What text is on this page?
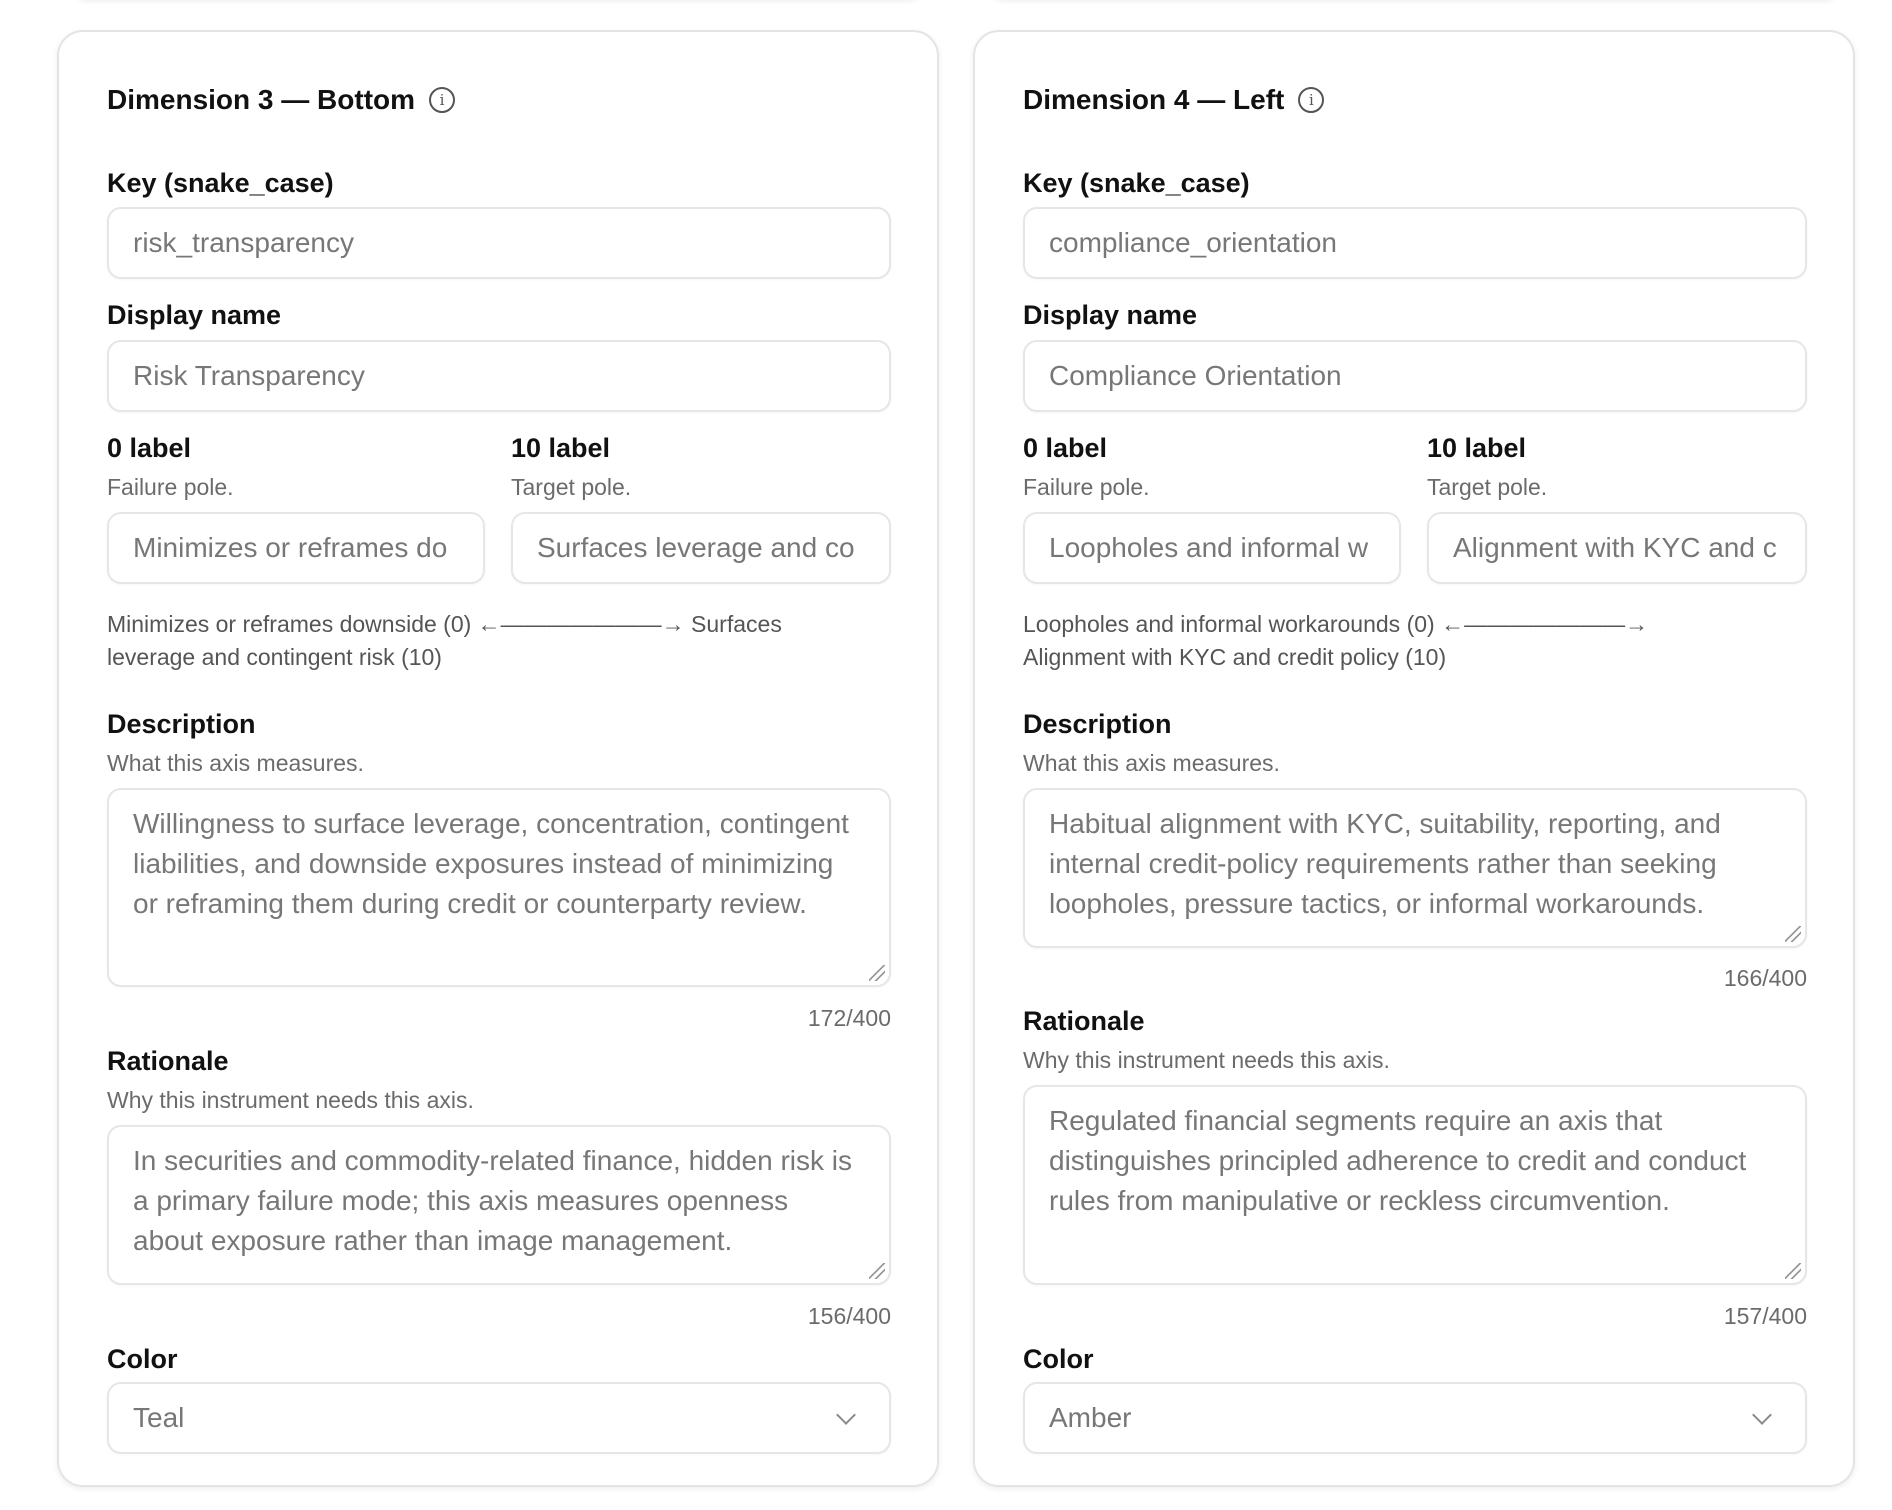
Dimension 3 — Bottom	i
Key (snake_case)
risk_transparency
Display name
Risk Transparency
0 label
Failure pole.
Minimizes or reframes do
10 label
Target pole.
Surfaces leverage and co
Minimizes or reframes downside (0) ←———————→ Surfaces
leverage and contingent risk (10)
Description
What this axis measures.
Willingness to surface leverage, concentration, contingent liabilities, and downside exposures instead of minimizing or reframing them during credit or counterparty review.
172/400
Rationale
Why this instrument needs this axis.
In securities and commodity-related finance, hidden risk is a primary failure mode; this axis measures openness about exposure rather than image management.
156/400
Color
Teal
Dimension 4 — Left	i
Key (snake_case)
compliance_orientation
Display name
Compliance Orientation
0 label
Failure pole.
Loopholes and informal w
10 label
Target pole.
Alignment with KYC and c
Loopholes and informal workarounds (0) ←———————→
Alignment with KYC and credit policy (10)
Description
What this axis measures.
Habitual alignment with KYC, suitability, reporting, and internal credit-policy requirements rather than seeking loopholes, pressure tactics, or informal workarounds.
166/400
Rationale
Why this instrument needs this axis.
Regulated financial segments require an axis that distinguishes principled adherence to credit and conduct rules from manipulative or reckless circumvention.
157/400
Color
Amber
